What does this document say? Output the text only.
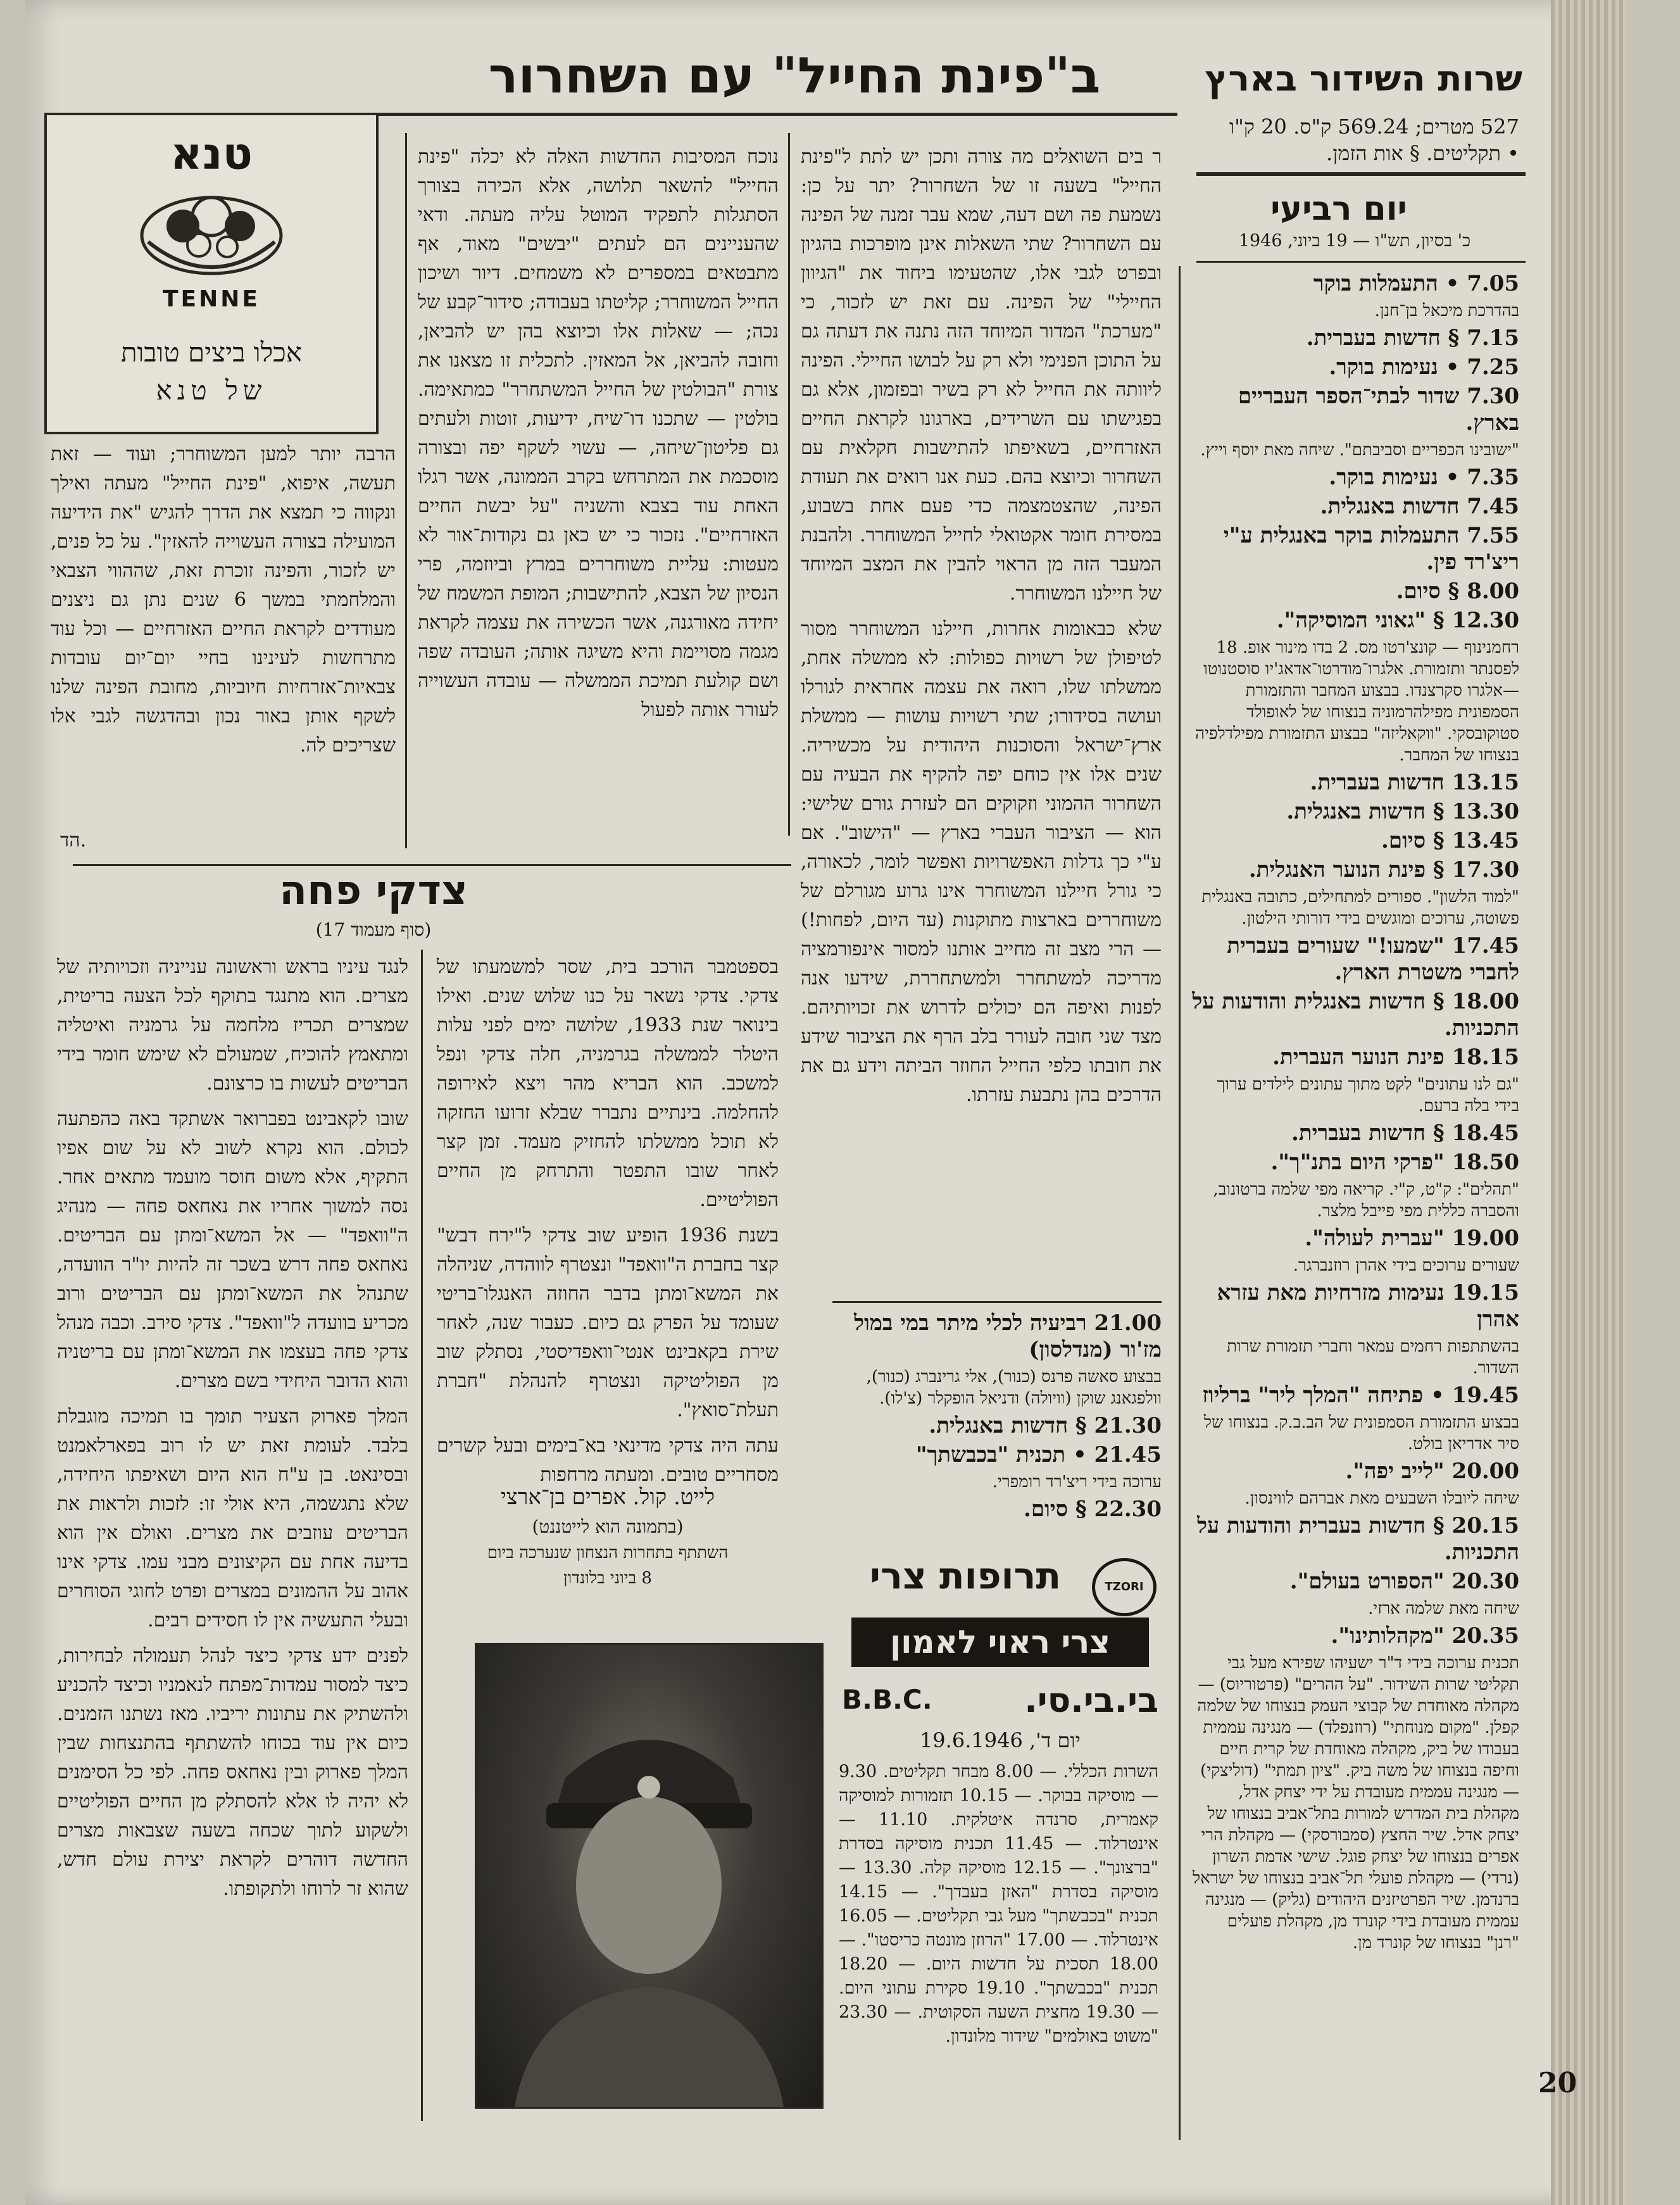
שרות השידור בארץ
527 מטרים; 569.24 ק"ס. 20 ק"ו
• תקליטים. § אות הזמן.
יום רביעי
כ' בסיון, תש"ו — 19 ביוני, 1946
7.05 • התעמלות בוקר
בהדרכת מיכאל בן־חנן.
7.15 § חדשות בעברית.
7.25 • נעימות בוקר.
7.30 שדור לבתי־הספר העבריים בארץ.
"ישובינו הכפריים וסביבתם". שיחה מאת יוסף וייץ.
7.35 • נעימות בוקר.
7.45 חדשות באנגלית.
7.55 התעמלות בוקר באנגלית ע"י ריצ'רד פין.
8.00 § סיום.
12.30 § "גאוני המוסיקה".
רחמנינוף — קונצ'רטו מס. 2 בדו מינור אופ. 18 לפסנתר ותזמורת. אלגרו־מודרטו־אדאג'יו סוסטנוטו—אלגרו סקרצנדו. בבצוע המחבר והתזמורת הסמפונית מפילהרמוניה בנצוחו של לאופולד סטוקובסקי. "ווקאליזה" בבצוע התזמורת מפילדלפיה בנצוחו של המחבר.
13.15 חדשות בעברית.
13.30 § חדשות באנגלית.
13.45 § סיום.
17.30 § פינת הנוער האנגלית.
"למוד הלשון". ספורים למתחילים, כתובה באנגלית פשוטה, ערוכים ומוגשים בידי דורותי הילטון.
17.45 "שמעו!" שעורים בעברית לחברי משטרת הארץ.
18.00 § חדשות באנגלית והודעות על התכניות.
18.15 פינת הנוער העברית.
"גם לנו עתונים" לקט מתוך עתונים לילדים ערוך בידי בלה ברעם.
18.45 § חדשות בעברית.
18.50 "פרקי היום בתנ"ך".
"תהלים": ק"ט, ק"י. קריאה מפי שלמה ברטונוב, והסברה כללית מפי פייבל מלצר.
19.00 "עברית לעולה".
שעורים ערוכים בידי אהרן רוזנברגר.
19.15 נעימות מזרחיות מאת עזרא אהרן
בהשתתפות רחמים עמאר וחברי תזמורת שרות השדור.
19.45 • פתיחה "המלך ליר" ברליוז
בבצוע התזמורת הסמפונית של הב.ב.ק. בנצוחו של סיר אדריאן בולט.
20.00 "לייב יפה".
שיחה ליובלו השבעים מאת אברהם לווינסון.
20.15 § חדשות בעברית והודעות על התכניות.
20.30 "הספורט בעולם".
שיחה מאת שלמה ארזי.
20.35 "מקהלותינו".
תכנית ערוכה בידי ד"ר ישעיהו שפירא מעל גבי תקליטי שרות השידור. "על ההרים" (פרטוריוס) — מקהלה מאוחדת של קבוצי העמק בנצוחו של שלמה קפלן. "מקום מנוחתי" (רוזנפלד) — מנגינה עממית בעבודו של ביק, מקהלה מאוחדת של קרית חיים וחיפה בנצוחו של משה ביק. "ציון תמתי" (דוליצקי) — מנגינה עממית מעובדת על ידי יצחק אדל, מקהלת בית המדרש למורות בתל־אביב בנצוחו של יצחק אדל. שיר החצץ (סמבורסקי) — מקהלת הרי אפרים בנצוחו של יצחק פוגל. שישי אדמת השרון (נרדי) — מקהלת פועלי תל־אביב בנצוחו של ישראל ברנדמן. שיר הפרטיזנים היהודים (גליק) — מנגינה עממית מעובדת בידי קונרד מן, מקהלת פועלים "רנן" בנצוחו של קונרד מן.
20
ב"פינת החייל" עם השחרור
טנא
TENNE
אכלו ביצים טובות
של טנא

ר בים השואלים מה צורה ותכן יש לתת ל"פינת החייל" בשעה זו של השחרור? יתר על כן: נשמעת פה ושם דעה, שמא עבר זמנה של הפינה עם השחרור? שתי השאלות אינן מופרכות בהגיון ובפרט לגבי אלו, שהטעימו ביחוד את "הגיוון החיילי" של הפינה. עם זאת יש לזכור, כי "מערכת" המדור המיוחד הזה נתנה את דעתה גם על התוכן הפנימי ולא רק על לבושו החיילי. הפינה ליוותה את החייל לא רק בשיר ובפזמון, אלא גם בפגישתו עם השרידים, בארגונו לקראת החיים האזרחיים, בשאיפתו להתישבות חקלאית עם השחרור וכיוצא בהם. כעת אנו רואים את תעודת הפינה, שהצטמצמה כדי פעם אחת בשבוע, במסירת חומר אקטואלי לחייל המשוחרר. ולהבנת המעבר הזה מן הראוי להבין את המצב המיוחד של חיילנו המשוחרר.

שלא כבאומות אחרות, חיילנו המשוחרר מסור לטיפולן של רשויות כפולות: לא ממשלה אחת, ממשלתו שלו, רואה את עצמה אחראית לגורלו ועושה בסידורו; שתי רשויות עושות — ממשלת ארץ־ישראל והסוכנות היהודית על מכשיריה. שנים אלו אין כוחם יפה להקיף את הבעיה עם השחרור ההמוני וזקוקים הם לעזרת גורם שלישי: הוא — הציבור העברי בארץ — "הישוב". אם ע"י כך גדלות האפשרויות ואפשר לומר, לכאורה, כי גורל חיילנו המשוחרר אינו גרוע מגורלם של משוחררים בארצות מתוקנות (עד היום, לפחות!) — הרי מצב זה מחייב אותנו למסור אינפורמציה מדריכה למשתחרר ולמשתחררת, שידעו אנה לפנות ואיפה הם יכולים לדרוש את זכויותיהם. מצד שני חובה לעורר בלב הרף את הציבור שידע את חובתו כלפי החייל החוזר הביתה וידע גם את הדרכים בהן נתבעת עזרתו.

נוכח המסיבות החדשות האלה לא יכלה "פינת החייל" להשאר תלושה, אלא הכירה בצורך הסתגלות לתפקיד המוטל עליה מעתה. ודאי שהעניינים הם לעתים "יבשים" מאוד, אף מתבטאים במספרים לא משמחים. דיור ושיכון החייל המשוחרר; קליטתו בעבודה; סידור־קבע של נכה; — שאלות אלו וכיוצא בהן יש להביאן, וחובה להביאן, אל המאזין. לתכלית זו מצאנו את צורת "הבולטין של החייל המשתחרר" כמתאימה. בולטין — שתכנו דו־שיח, ידיעות, זוטות ולעתים גם פליטון־שיחה, — עשוי לשקף יפה ובצורה מוסכמת את המתרחש בקרב הממונה, אשר רגלו האחת עוד בצבא והשניה "על יבשת החיים האזרחיים". נזכור כי יש כאן גם נקודות־אור לא מעטות: עליית משוחררים במרץ וביוזמה, פרי הנסיון של הצבא, להתישבות; המופת המשמח של יחידה מאורגנה, אשר הכשירה את עצמה לקראת מגמה מסויימת והיא משיגה אותה; העובדה שפה ושם קולעת תמיכת הממשלה — עובדה העשוייה לעורר אותה לפעול

הרבה יותר למען המשוחרר; ועוד — זאת תעשה, איפוא, "פינת החייל" מעתה ואילך ונקווה כי תמצא את הדרך להגיש "את הידיעה המועילה בצורה העשוייה להאזין". על כל פנים, יש לזכור, והפינה זוכרת זאת, שההווי הצבאי והמלחמתי במשך 6 שנים נתן גם ניצנים מעודדים לקראת החיים האזרחיים — וכל עוד מתרחשות לעינינו בחיי יום־יום עובדות צבאיות־אזרחיות חיוביות, מחובת הפינה שלנו לשקף אותן באור נכון ובהדגשה לגבי אלו שצריכים לה.

הד.
צדקי פחה
(סוף מעמוד 17)

בספטמבר הורכב בית, שסר למשמעתו של צדקי. צדקי נשאר על כנו שלוש שנים. ואילו בינואר שנת 1933, שלושה ימים לפני עלות היטלר לממשלה בגרמניה, חלה צדקי ונפל למשכב. הוא הבריא מהר ויצא לאירופה להחלמה. בינתיים נתברר שבלא זרועו החזקה לא תוכל ממשלתו להחזיק מעמד. זמן קצר לאחר שובו התפטר והתרחק מן החיים הפוליטיים.

בשנת 1936 הופיע שוב צדקי ל"ירח דבש" קצר בחברת ה"וואפד" ונצטרף לווהדה, שניהלה את המשא־ומתן בדבר החוזה האנגלו־בריטי שעומד על הפרק גם כיום. כעבור שנה, לאחר שירת בקאבינט אנטי־וואפדיסטי, נסתלק שוב מן הפוליטיקה ונצטרף להנהלת "חברת תעלת־סואץ".

עתה היה צדקי מדינאי בא־בימים ובעל קשרים מסחריים טובים. ומעתה מרחפות

לנגד עיניו בראש וראשונה ענייניה וזכויותיה של מצרים. הוא מתנגד בתוקף לכל הצעה בריטית, שמצרים תכריז מלחמה על גרמניה ואיטליה ומתאמץ להוכיח, שמעולם לא שימש חומר בידי הבריטים לעשות בו כרצונם.

שובו לקאבינט בפברואר אשתקד באה כהפתעה לכולם. הוא נקרא לשוב לא על שום אפיו התקיף, אלא משום חוסר מועמד מתאים אחר. נסה למשוך אחריו את נאחאס פחה — מנהיג ה"וואפד" — אל המשא־ומתן עם הבריטים. נאחאס פחה דרש בשכר זה להיות יו"ר הוועדה, שתנהל את המשא־ומתן עם הבריטים ורוב מכריע בוועדה ל"וואפד". צדקי סירב. וכבה מנהל צדקי פחה בעצמו את המשא־ומתן עם בריטניה והוא הדובר היחידי בשם מצרים.

המלך פארוק הצעיר תומך בו תמיכה מוגבלת בלבד. לעומת זאת יש לו רוב בפארלאמנט ובסינאט. בן ע"ח הוא היום ושאיפתו היחידה, שלא נתגשמה, היא אולי זו: לזכות ולראות את הבריטים עוזבים את מצרים. ואולם אין הוא בדיעה אחת עם הקיצונים מבני עמו. צדקי אינו אהוב על ההמונים במצרים ופרט לחוגי הסוחרים ובעלי התעשיה אין לו חסידים רבים.

לפנים ידע צדקי כיצד לנהל תעמולה לבחירות, כיצד למסור עמדות־מפתח לנאמניו וכיצד להכניע ולהשתיק את עתונות יריביו. מאז נשתנו הזמנים. כיום אין עוד בכוחו להשתתף בהתנצחות שבין המלך פארוק ובין נאחאס פחה. לפי כל הסימנים לא יהיה לו אלא להסתלק מן החיים הפוליטיים ולשקוע לתוך שכחה בשעה שצבאות מצרים החדשה דוהרים לקראת יצירת עולם חדש, שהוא זר לרוחו ולתקופתו.

לייט. קול. אפרים בן־ארצי
(בתמונה הוא לייטננט)
השתתף בתחרות הנצחון שנערכה ביום
8 ביוני בלונדון
21.00 רביעיה לכלי מיתר במי במול מז'ור (מנדלסון)
בבצוע סאשה פרנס (כנור), אלי גרינברג (כנור), וולפגאנג שוקן (וויולה) ודניאל הופקלר (צ'לו).
21.30 § חדשות באנגלית.
21.45 • תכנית "בכבשתך"
ערוכה בידי ריצ'רד רומפרי.
22.30 § סיום.
תרופות צרי	TZORI
צרי ראוי לאמון
B.B.C.	בי.בי.סי.
יום ד', 19.6.1946
השרות הכללי. — 8.00 מבחר תקליטים. 9.30 — מוסיקה בבוקר. — 10.15 תזמורות למוסיקה קאמרית, סרנדה איטלקית. 11.10 — אינטרלוד. — 11.45 תכנית מוסיקה בסדרת "ברצונך". — 12.15 מוסיקה קלה. 13.30 — מוסיקה בסדרת "האזן בעבדך". — 14.15 תכנית "בכבשתך" מעל גבי תקליטים. — 16.05 אינטרלוד. — 17.00 "הרוזן מונטה כריסטו". — 18.00 תסכית על חדשות היום. — 18.20 תכנית "בכבשתך". 19.10 סקירת עתוני היום. — 19.30 מחצית השעה הסקוטית. — 23.30 "משוט באולמים" שידור מלונדון.
